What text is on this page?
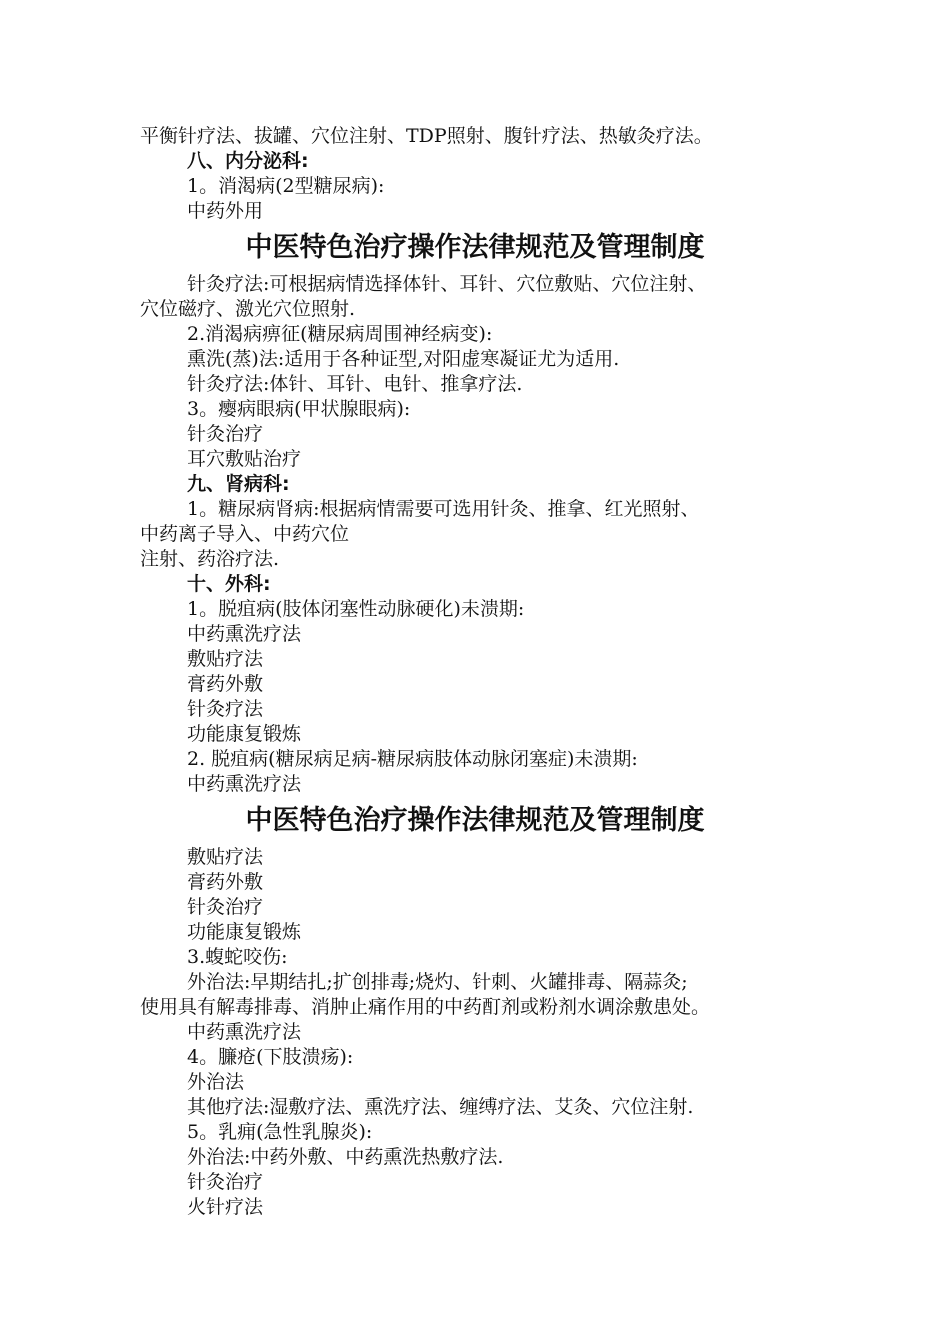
平衡针疗法、拔罐、穴位注射、TDP照射、腹针疗法、热敏灸疗法。
八、内分泌科:
1。消渴病(2型糖尿病):
中药外用
中医特色治疗操作法律规范及管理制度
针灸疗法:可根据病情选择体针、耳针、穴位敷贴、穴位注射、
穴位磁疗、激光穴位照射.
2.消渴病痹征(糖尿病周围神经病变):
熏洗(蒸)法:适用于各种证型,对阳虚寒凝证尤为适用.
针灸疗法:体针、耳针、电针、推拿疗法.
3。瘿病眼病(甲状腺眼病):
针灸治疗
耳穴敷贴治疗
九、肾病科:
1。糖尿病肾病:根据病情需要可选用针灸、推拿、红光照射、
中药离子导入、中药穴位
注射、药浴疗法.
十、外科:
1。脱疽病(肢体闭塞性动脉硬化)未溃期:
中药熏洗疗法
敷贴疗法
膏药外敷
针灸疗法
功能康复锻炼
2. 脱疽病(糖尿病足病-糖尿病肢体动脉闭塞症)未溃期:
中药熏洗疗法
中医特色治疗操作法律规范及管理制度
敷贴疗法
膏药外敷
针灸治疗
功能康复锻炼
3.蝮蛇咬伤:
外治法:早期结扎;扩创排毒;烧灼、针刺、火罐排毒、隔蒜灸;
使用具有解毒排毒、消肿止痛作用的中药酊剂或粉剂水调涂敷患处。
中药熏洗疗法
4。臁疮(下肢溃疡):
外治法
其他疗法:湿敷疗法、熏洗疗法、缠缚疗法、艾灸、穴位注射.
5。乳痈(急性乳腺炎):
外治法:中药外敷、中药熏洗热敷疗法.
针灸治疗
火针疗法
